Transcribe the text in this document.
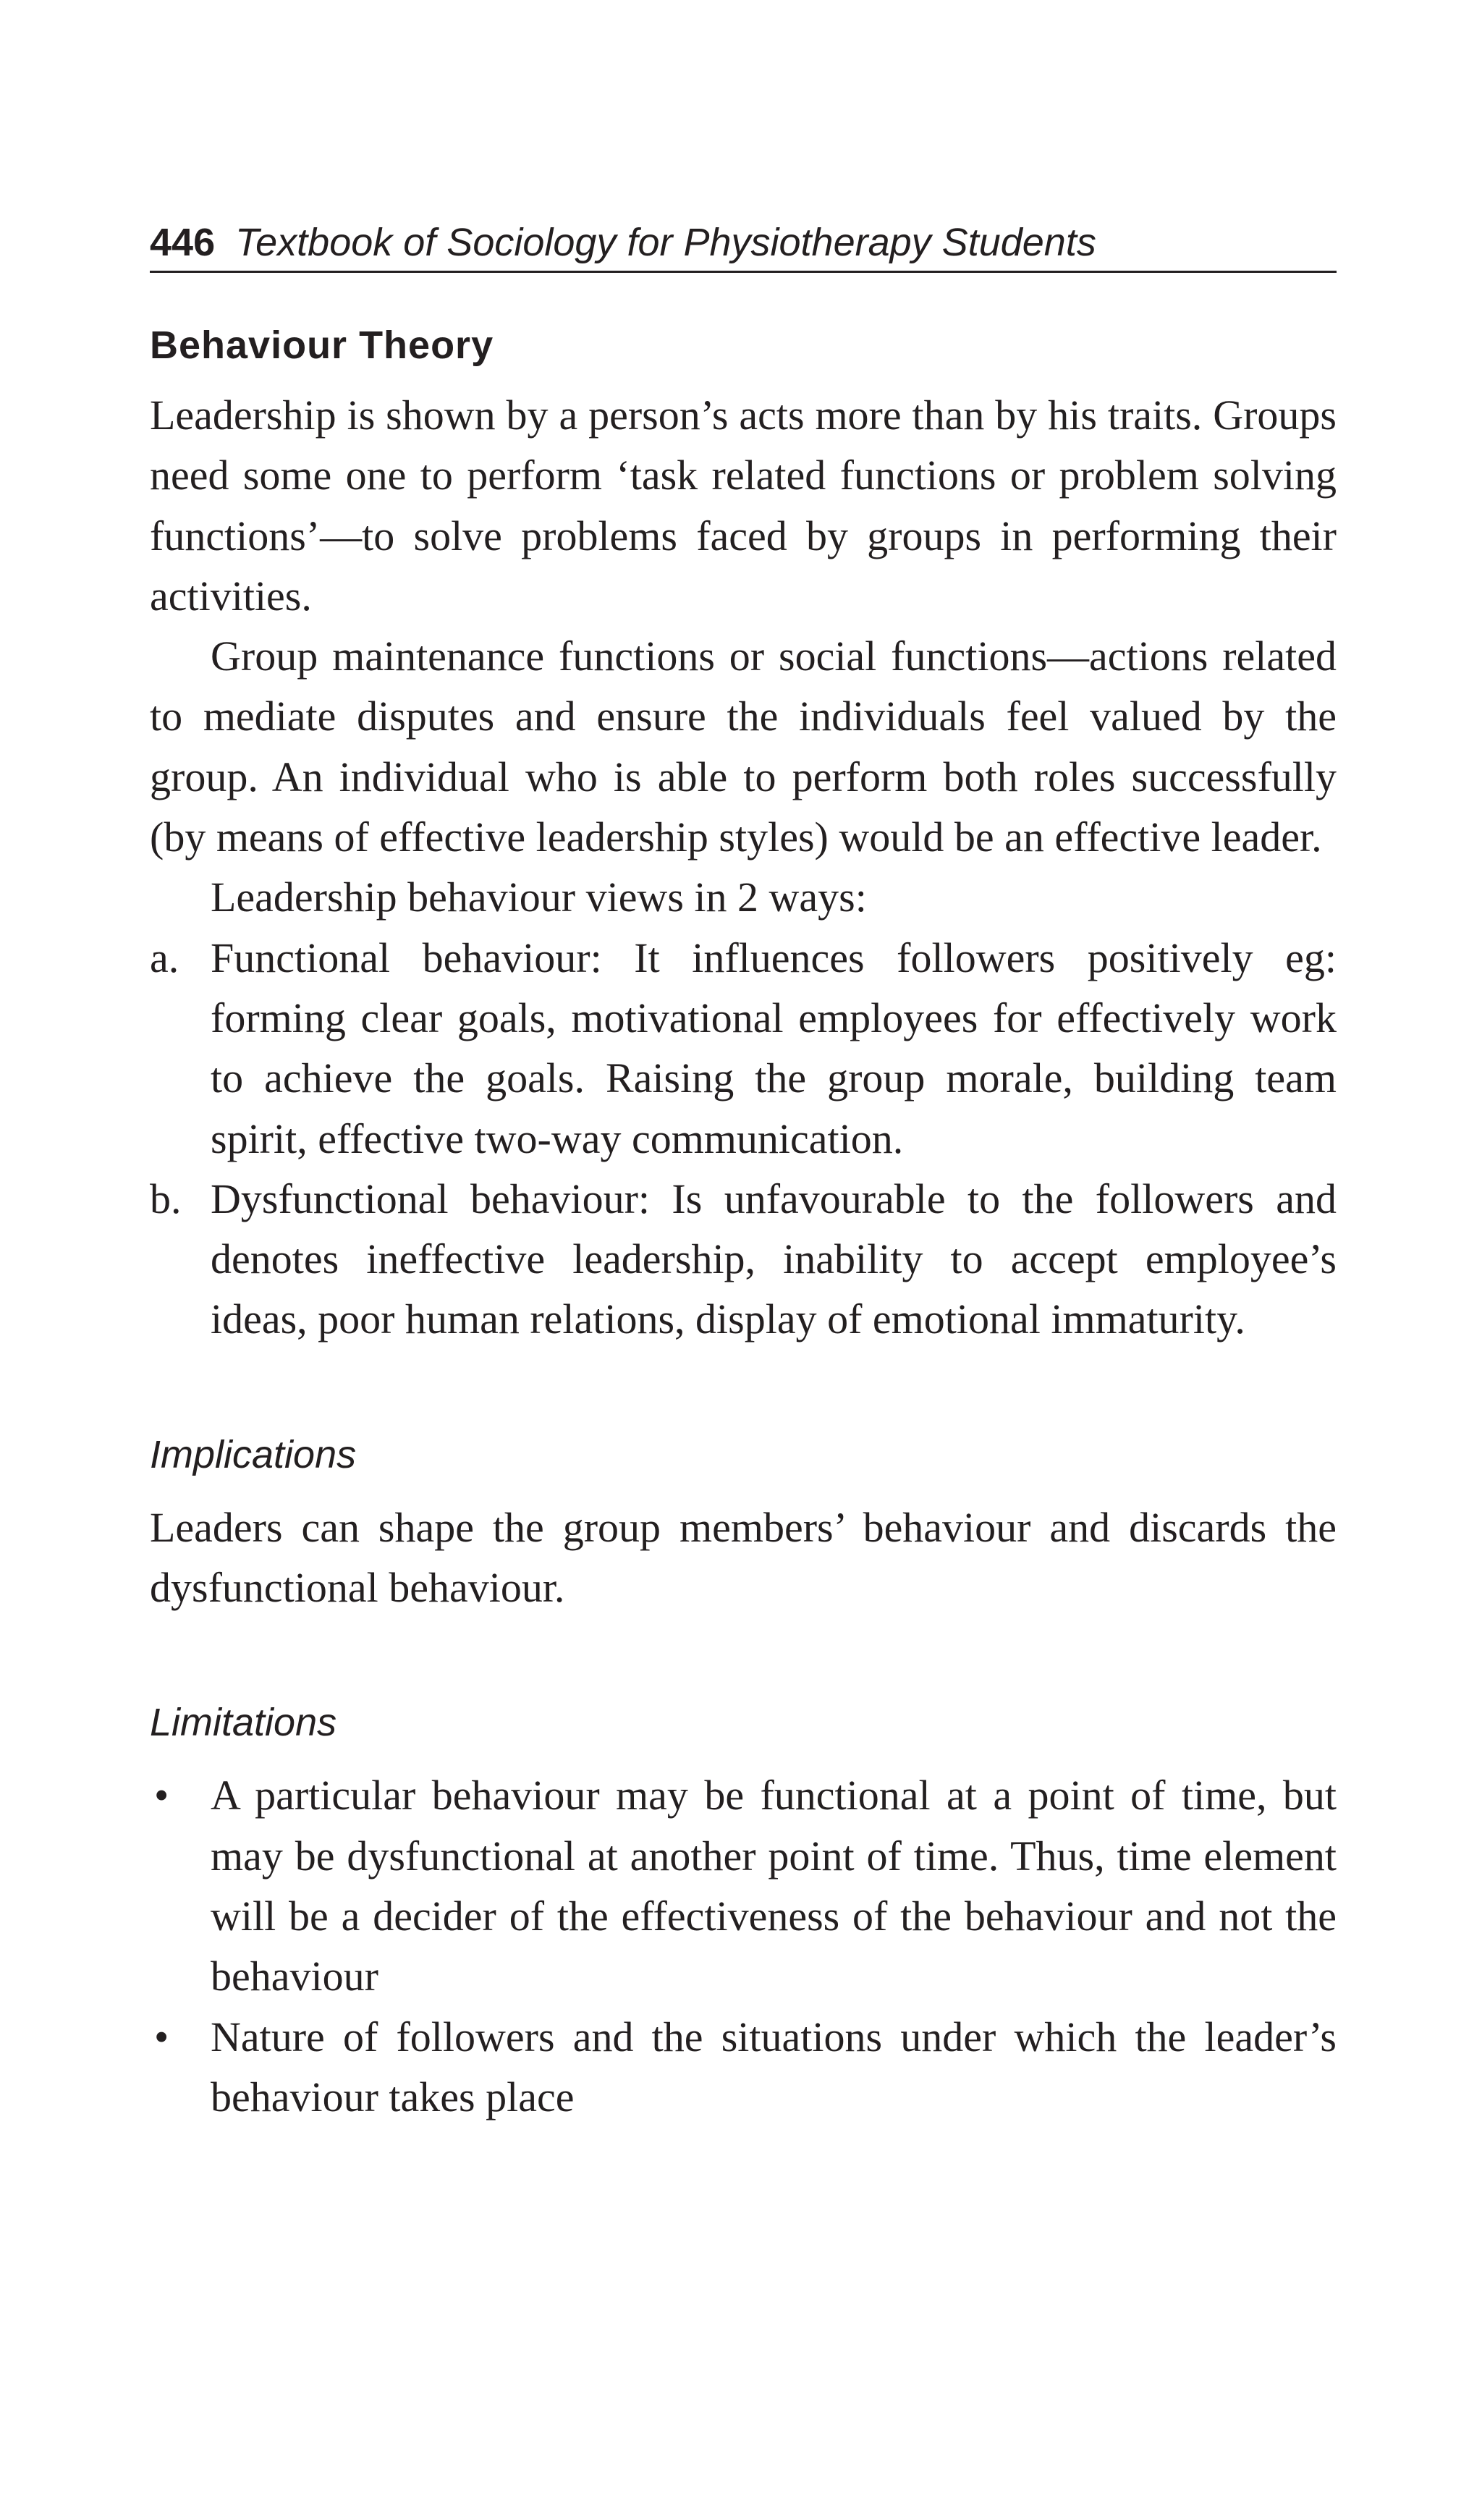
446 Textbook of Sociology for Physiotherapy Students
Behaviour Theory

Leadership is shown by a person’s acts more than by his traits. Groups need some one to perform ‘task related functions or problem solving functions’—to solve problems faced by groups in performing their activities.

Group maintenance functions or social functions—actions related to mediate disputes and ensure the individuals feel valued by the group. An individual who is able to perform both roles successfully (by means of effective leadership styles) would be an effective leader.

Leadership behaviour views in 2 ways:

a. Functional behaviour: It influences followers positively eg: forming clear goals, motivational employees for effectively work to achieve the goals. Raising the group morale, building team spirit, effective two-way communication.
b. Dysfunctional behaviour: Is unfavourable to the followers and denotes ineffective leadership, inability to accept employee’s ideas, poor human relations, display of emotional immaturity.
Implications

Leaders can shape the group members’ behaviour and discards the dysfunctional behaviour.

Limitations
• A particular behaviour may be functional at a point of time, but may be dysfunctional at another point of time. Thus, time element will be a decider of the effectiveness of the behaviour and not the behaviour
• Nature of followers and the situations under which the leader’s behaviour takes place
